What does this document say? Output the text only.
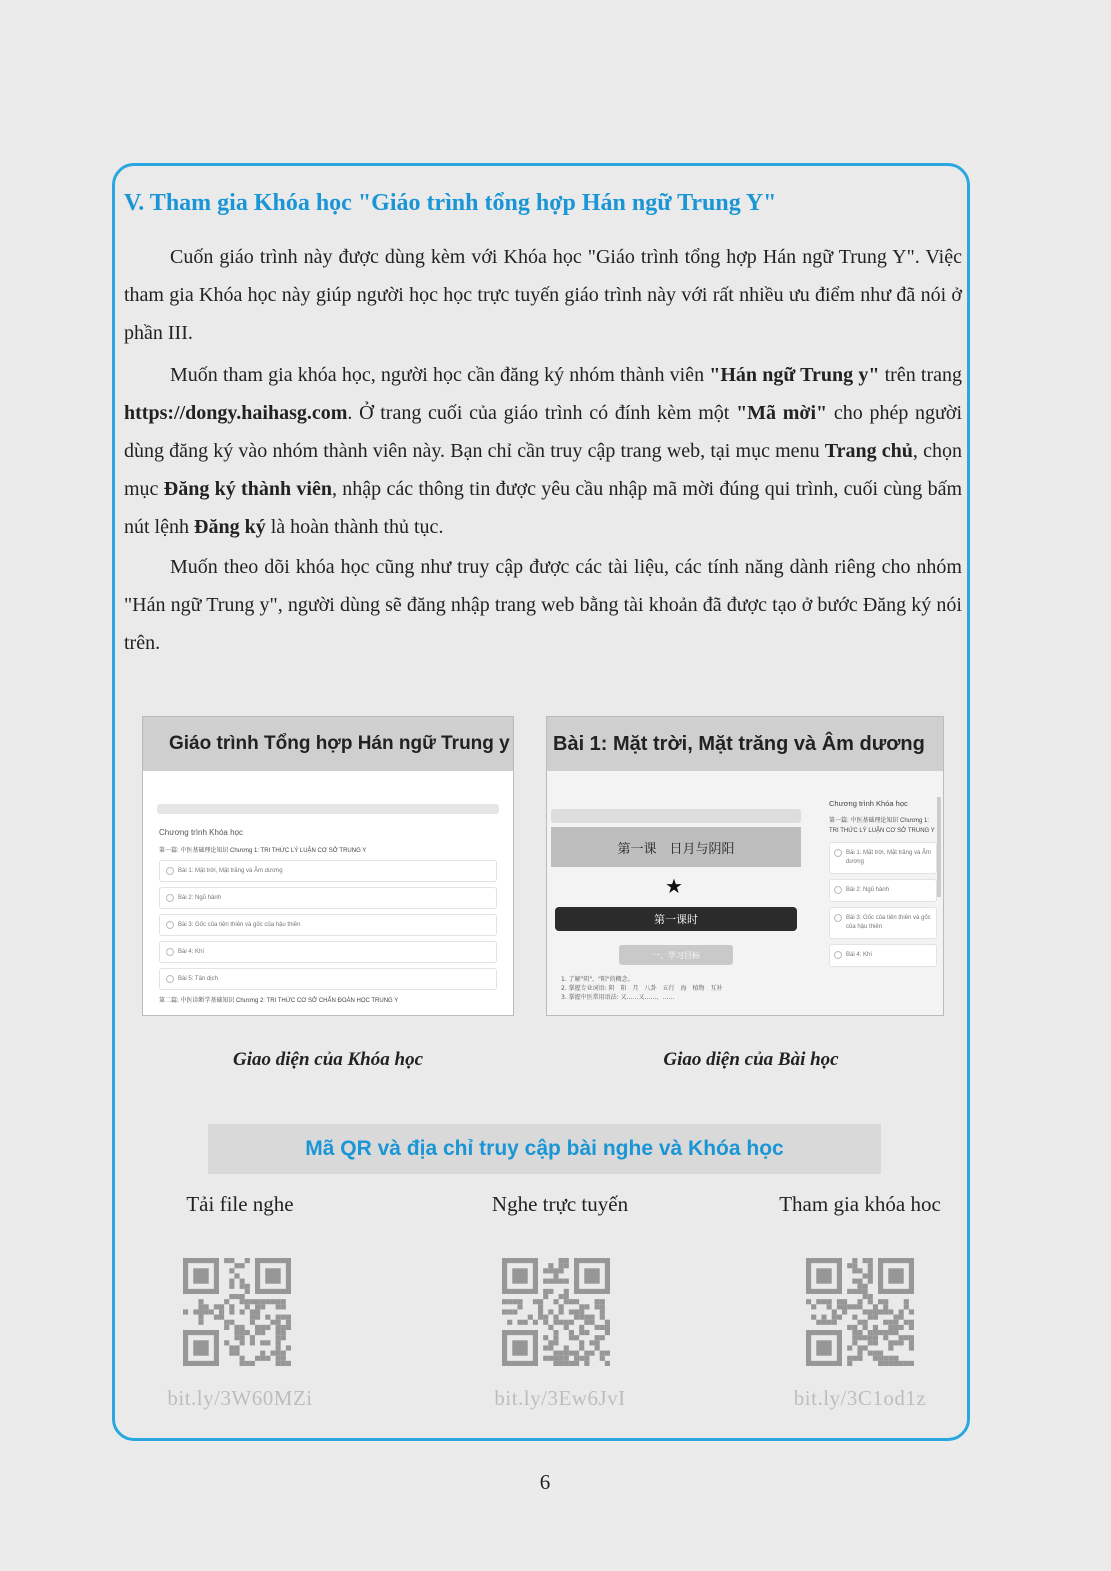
V. Tham gia Khóa học "Giáo trình tổng hợp Hán ngữ Trung Y"

Cuốn giáo trình này được dùng kèm với Khóa học "Giáo trình tổng hợp Hán ngữ Trung Y". Việc tham gia Khóa học này giúp người học học trực tuyến giáo trình này với rất nhiều ưu điểm như đã nói ở phần III.

Muốn tham gia khóa học, người học cần đăng ký nhóm thành viên "Hán ngữ Trung y" trên trang https://dongy.haihasg.com. Ở trang cuối của giáo trình có đính kèm một "Mã mời" cho phép người dùng đăng ký vào nhóm thành viên này. Bạn chỉ cần truy cập trang web, tại mục menu Trang chủ, chọn mục Đăng ký thành viên, nhập các thông tin được yêu cầu nhập mã mời đúng qui trình, cuối cùng bấm nút lệnh Đăng ký là hoàn thành thủ tục.

Muốn theo dõi khóa học cũng như truy cập được các tài liệu, các tính năng dành riêng cho nhóm "Hán ngữ Trung y", người dùng sẽ đăng nhập trang web bằng tài khoản đã được tạo ở bước Đăng ký nói trên.

Giáo trình Tổng hợp Hán ngữ Trung y
Chương trình Khóa học
第一篇: 中医基础理论知识 Chương 1: TRI THỨC LÝ LUẬN CƠ SỞ TRUNG Y
Bài 1: Mặt trời, Mặt trăng và Âm dương
Bài 2: Ngũ hành
Bài 3: Gốc của tiên thiên và gốc của hậu thiên
Bài 4: Khí
Bài 5: Tân dịch
第二篇: 中医诊断学基础知识 Chương 2: TRI THỨC CƠ SỞ CHẨN ĐOÁN HỌC TRUNG Y
Bài 1: Mặt trời, Mặt trăng và Âm dương
第一课　日月与阴阳
★
第一课时
一、学习目标
1. 了解"阴"、"阳"的概念。
2. 掌握专业词语: 阴　阳　月　八卦　五行　海　植物　互补
3. 掌握中医常用语法: 又……又……、……
Chương trình Khóa học
第一篇: 中医基础理论知识 Chương 1: TRI THỨC LÝ LUẬN CƠ SỞ TRUNG Y
Bài 1: Mặt trời, Mặt trăng và Âm dương
Bài 2: Ngũ hành
Bài 3: Gốc của tiên thiên và gốc của hậu thiên
Bài 4: Khí
Giao diện của Khóa học	Giao diện của Bài học
Mã QR và địa chỉ truy cập bài nghe và Khóa học
Tải file nghe	Nghe trực tuyến	Tham gia khóa hoc
bit.ly/3W60MZi	bit.ly/3Ew6JvI	bit.ly/3C1od1z
6
